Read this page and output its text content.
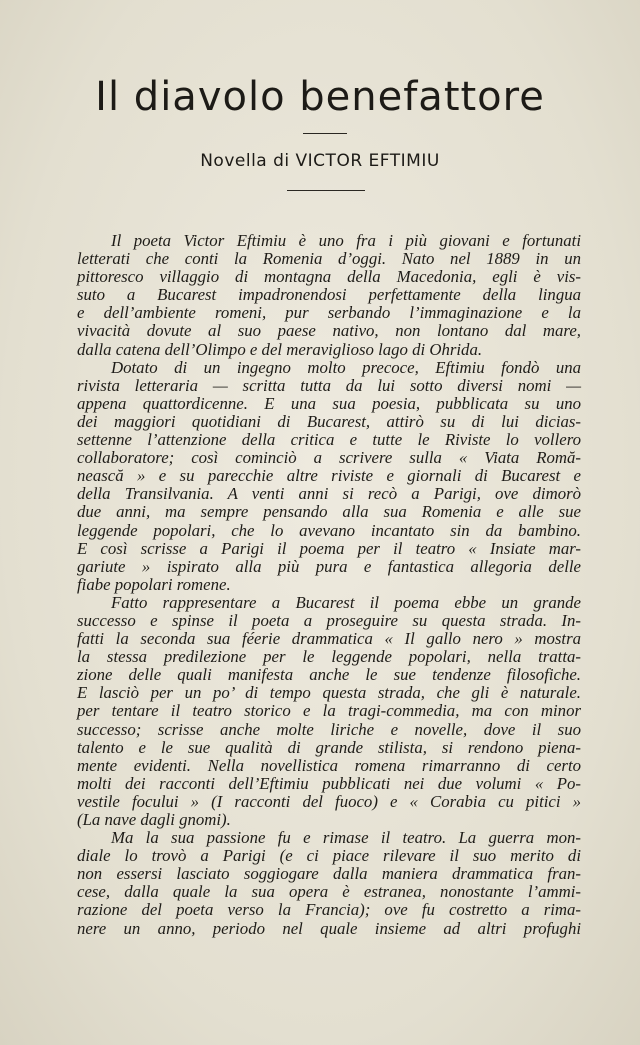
Il diavolo benefattore
Novella di VICTOR EFTIMIU
Il poeta Victor Eftimiu è uno fra i più giovani e fortunati
letterati che conti la Romenia d’oggi. Nato nel 1889 in un
pittoresco villaggio di montagna della Macedonia, egli è vis-
suto a Bucarest impadronendosi perfettamente della lingua
e dell’ambiente romeni, pur serbando l’immaginazione e la
vivacità dovute al suo paese nativo, non lontano dal mare,
dalla catena dell’Olimpo e del meraviglioso lago di Ohrida.
Dotato di un ingegno molto precoce, Eftimiu fondò una
rivista letteraria — scritta tutta da lui sotto diversi nomi —
appena quattordicenne. E una sua poesia, pubblicata su uno
dei maggiori quotidiani di Bucarest, attirò su di lui dicias-
settenne l’attenzione della critica e tutte le Riviste lo vollero
collaboratore; così cominciò a scrivere sulla « Viata Romă-
nească » e su parecchie altre riviste e giornali di Bucarest e
della Transilvania. A venti anni si recò a Parigi, ove dimorò
due anni, ma sempre pensando alla sua Romenia e alle sue
leggende popolari, che lo avevano incantato sin da bambino.
E così scrisse a Parigi il poema per il teatro « Insiate mar-
gariute » ispirato alla più pura e fantastica allegoria delle
fiabe popolari romene.
Fatto rappresentare a Bucarest il poema ebbe un grande
successo e spinse il poeta a proseguire su questa strada. In-
fatti la seconda sua féerie drammatica « Il gallo nero » mostra
la stessa predilezione per le leggende popolari, nella tratta-
zione delle quali manifesta anche le sue tendenze filosofiche.
E lasciò per un po’ di tempo questa strada, che gli è naturale.
per tentare il teatro storico e la tragi-commedia, ma con minor
successo; scrisse anche molte liriche e novelle, dove il suo
talento e le sue qualità di grande stilista, si rendono piena-
mente evidenti. Nella novellistica romena rimarranno di certo
molti dei racconti dell’Eftimiu pubblicati nei due volumi « Po-
vestile focului » (I racconti del fuoco) e « Corabia cu pitici »
(La nave dagli gnomi).
Ma la sua passione fu e rimase il teatro. La guerra mon-
diale lo trovò a Parigi (e ci piace rilevare il suo merito di
non essersi lasciato soggiogare dalla maniera drammatica fran-
cese, dalla quale la sua opera è estranea, nonostante l’ammi-
razione del poeta verso la Francia); ove fu costretto a rima-
nere un anno, periodo nel quale insieme ad altri profughi
